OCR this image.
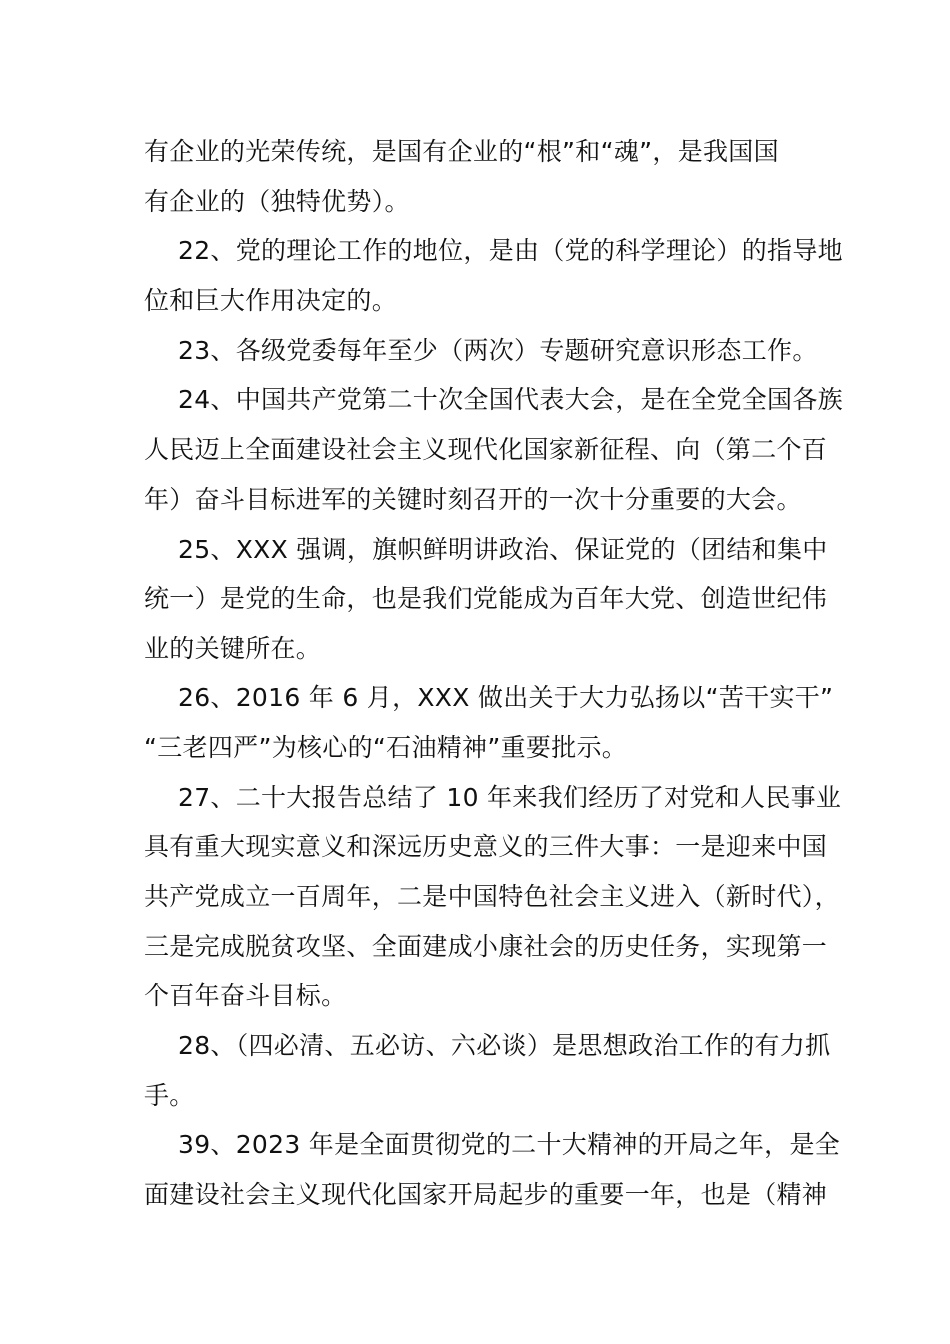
有企业的光荣传统，是国有企业的“根”和“魂”，是我国国
有企业的（独特优势）。
22、党的理论工作的地位，是由（党的科学理论）的指导地
位和巨大作用决定的。
23、各级党委每年至少（两次）专题研究意识形态工作。
24、中国共产党第二十次全国代表大会，是在全党全国各族
人民迈上全面建设社会主义现代化国家新征程、向（第二个百
年）奋斗目标进军的关键时刻召开的一次十分重要的大会。
25、XXX 强调，旗帜鲜明讲政治、保证党的（团结和集中
统一）是党的生命，也是我们党能成为百年大党、创造世纪伟
业的关键所在。
26、2016 年 6 月，XXX 做出关于大力弘扬以“苦干实干”
“三老四严”为核心的“石油精神”重要批示。
27、二十大报告总结了 10 年来我们经历了对党和人民事业
具有重大现实意义和深远历史意义的三件大事：一是迎来中国
共产党成立一百周年，二是中国特色社会主义进入（新时代），
三是完成脱贫攻坚、全面建成小康社会的历史任务，实现第一
个百年奋斗目标。
28、（四必清、五必访、六必谈）是思想政治工作的有力抓
手。
39、2023 年是全面贯彻党的二十大精神的开局之年，是全
面建设社会主义现代化国家开局起步的重要一年，也是（精神
